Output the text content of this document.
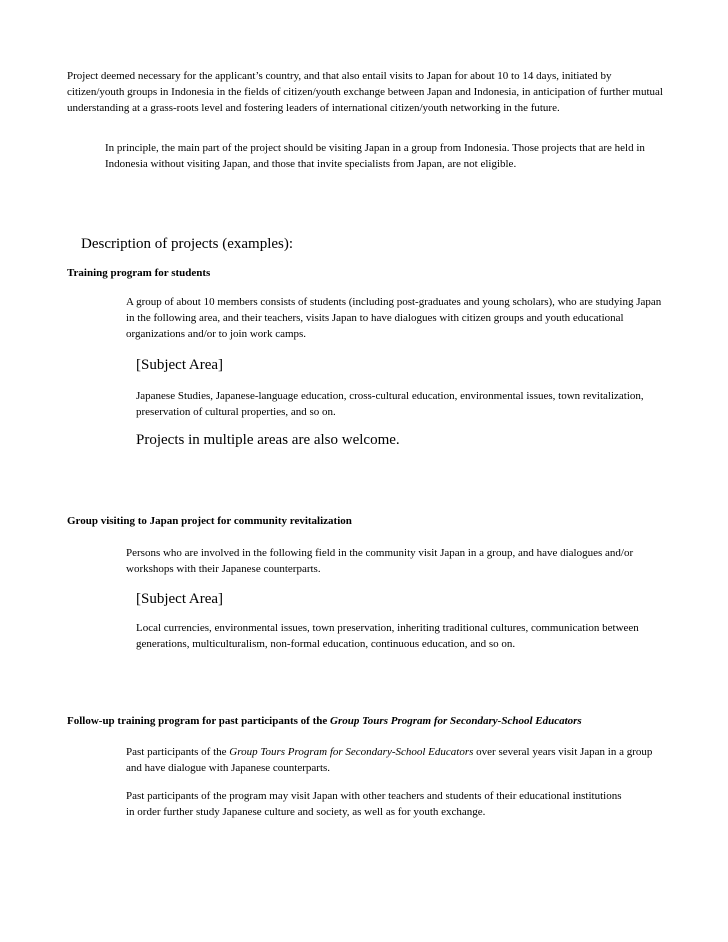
Project deemed necessary for the applicant’s country, and that also entail visits to Japan for about 10 to 14 days, initiated by citizen/youth groups in Indonesia in the fields of citizen/youth exchange between Japan and Indonesia, in anticipation of further mutual understanding at a grass-roots level and fostering leaders of international citizen/youth networking in the future.

In principle, the main part of the project should be visiting Japan in a group from Indonesia. Those projects that are held in Indonesia without visiting Japan, and those that invite specialists from Japan, are not eligible.

Description of projects (examples):

Training program for students

A group of about 10 members consists of students (including post-graduates and young scholars), who are studying Japan in the following area, and their teachers, visits Japan to have dialogues with citizen groups and youth educational organizations and/or to join work camps.

[Subject Area]

Japanese Studies, Japanese-language education, cross-cultural education, environmental issues, town revitalization, preservation of cultural properties, and so on.

Projects in multiple areas are also welcome.

Group visiting to Japan project for community revitalization

Persons who are involved in the following field in the community visit Japan in a group, and have dialogues and/or workshops with their Japanese counterparts.

[Subject Area]

Local currencies, environmental issues, town preservation, inheriting traditional cultures, communication between generations, multiculturalism, non-formal education, continuous education, and so on.

Follow-up training program for past participants of the Group Tours Program for Secondary-School Educators

Past participants of the Group Tours Program for Secondary-School Educators over several years visit Japan in a group and have dialogue with Japanese counterparts.

Past participants of the program may visit Japan with other teachers and students of their educational institutions in order further study Japanese culture and society, as well as for youth exchange.
